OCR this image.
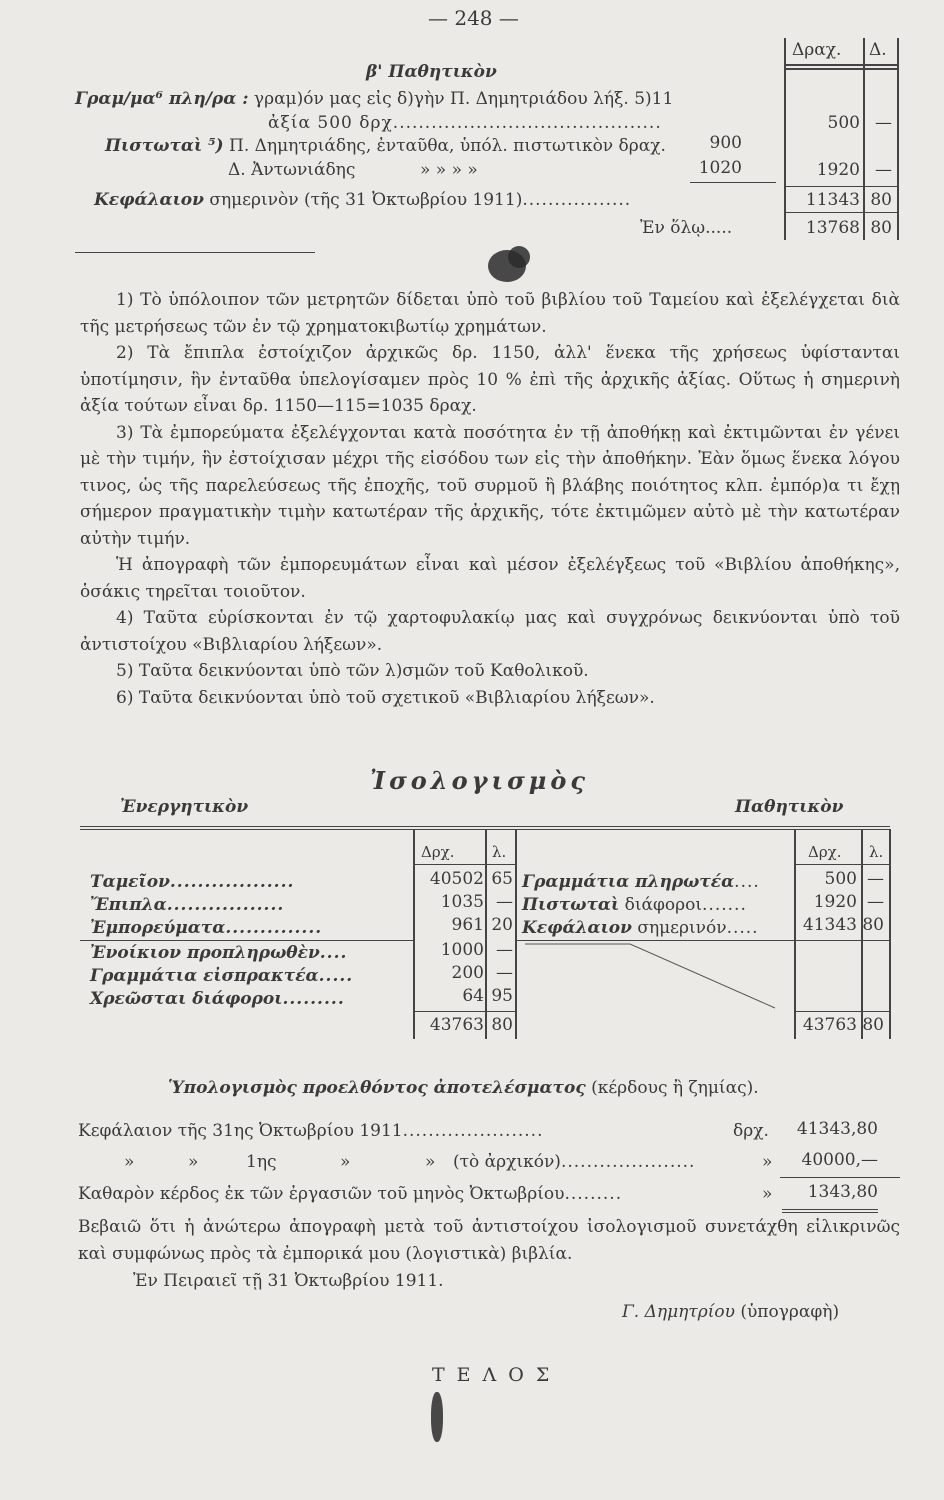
— 248 —
β' Παθητικὸν
Δραχ. Δ.
Γραμ/μα⁶ πλη/ρα : γραμ)όν μας εἰς δ)γὴν Π. Δημητριάδου λήξ. 5)11
ἀξία 500 δρχ..........................................	500 —
Πιστωταὶ ⁵) Π. Δημητριάδης, ἐνταῦθα, ὑπόλ. πιστωτικὸν δραχ.	900
Δ. Ἀντωνιάδης	» » » »	1020	1920 —
Κεφάλαιον σημερινὸν (τῆς 31 Ὀκτωβρίου 1911).................	11343 80
Ἐν ὅλῳ.....	13768 80

1) Τὸ ὑπόλοιπον τῶν μετρητῶν δίδεται ὑπὸ τοῦ βιβλίου τοῦ Ταμείου καὶ ἐξελέγχεται διὰ τῆς μετρήσεως τῶν ἐν τῷ χρηματοκιβωτίῳ χρημάτων.

2) Τὰ ἔπιπλα ἐστοίχιζον ἀρχικῶς δρ. 1150, ἀλλ' ἕνεκα τῆς χρήσεως ὑφίστανται ὑποτίμησιν, ἣν ἐνταῦθα ὑπελογίσαμεν πρὸς 10 % ἐπὶ τῆς ἀρχικῆς ἀξίας. Οὕτως ἡ σημερινὴ ἀξία τούτων εἶναι δρ. 1150—115=1035 δραχ.

3) Τὰ ἐμπορεύματα ἐξελέγχονται κατὰ ποσότητα ἐν τῇ ἀποθήκῃ καὶ ἐκτιμῶνται ἐν γένει μὲ τὴν τιμήν, ἣν ἐστοίχισαν μέχρι τῆς εἰσόδου των εἰς τὴν ἀποθήκην. Ἐὰν ὅμως ἕνεκα λόγου τινος, ὡς τῆς παρελεύσεως τῆς ἐποχῆς, τοῦ συρμοῦ ἢ βλάβης ποιότητος κλπ. ἐμπόρ)α τι ἔχῃ σήμερον πραγματικὴν τιμὴν κατωτέραν τῆς ἀρχικῆς, τότε ἐκτιμῶμεν αὐτὸ μὲ τὴν κατωτέραν αὐτὴν τιμήν.

Ἡ ἀπογραφὴ τῶν ἐμπορευμάτων εἶναι καὶ μέσον ἐξελέγξεως τοῦ «Βιβλίου ἀποθήκης», ὁσάκις τηρεῖται τοιοῦτον.

4) Ταῦτα εὑρίσκονται ἐν τῷ χαρτοφυλακίῳ μας καὶ συγχρόνως δεικνύονται ὑπὸ τοῦ ἀντιστοίχου «Βιβλιαρίου λήξεων».

5) Ταῦτα δεικνύονται ὑπὸ τῶν λ)σμῶν τοῦ Καθολικοῦ.

6) Ταῦτα δεικνύονται ὑπὸ τοῦ σχετικοῦ «Βιβλιαρίου λήξεων».

Ἰσολογισμὸς
Ἐνεργητικὸν	Παθητικὸν
Δρχ. λ.	Δρχ. λ.
Ταμεῖον..................	40502 65
Ἔπιπλα.................	1035 —
Ἐμπορεύματα..............	961 20
Ἐνοίκιον προπληρωθὲν....	1000 —
Γραμμάτια εἰσπρακτέα.....	200 —
Χρεῶσται διάφοροι.........	64 95
43763 80
Γραμμάτια πληρωτέα....	500 —
Πιστωταὶ διάφοροι.......	1920 —
Κεφάλαιον σημερινόν.....	41343 80
43763 80
Ὑπολογισμὸς προελθόντος ἀποτελέσματος (κέρδους ἢ ζημίας).
Κεφάλαιον τῆς 31ης Ὀκτωβρίου 1911......................	δρχ. 41343,80
»	»	1ης	»	» (τὸ ἀρχικόν).....................	» 40000,—
Καθαρὸν κέρδος ἐκ τῶν ἐργασιῶν τοῦ μηνὸς Ὀκτωβρίου.........	» 1343,80
Βεβαιῶ ὅτι ἡ ἀνώτερω ἀπογραφὴ μετὰ τοῦ ἀντιστοίχου ἰσολογισμοῦ συνετάχθη εἰλικρινῶς καὶ συμφώνως πρὸς τὰ ἐμπορικά μου (λογιστικὰ) βιβλία.
Ἐν Πειραιεῖ τῇ 31 Ὀκτωβρίου 1911.
Γ. Δημητρίου (ὑπογραφὴ)
ΤΕΛΟΣ
